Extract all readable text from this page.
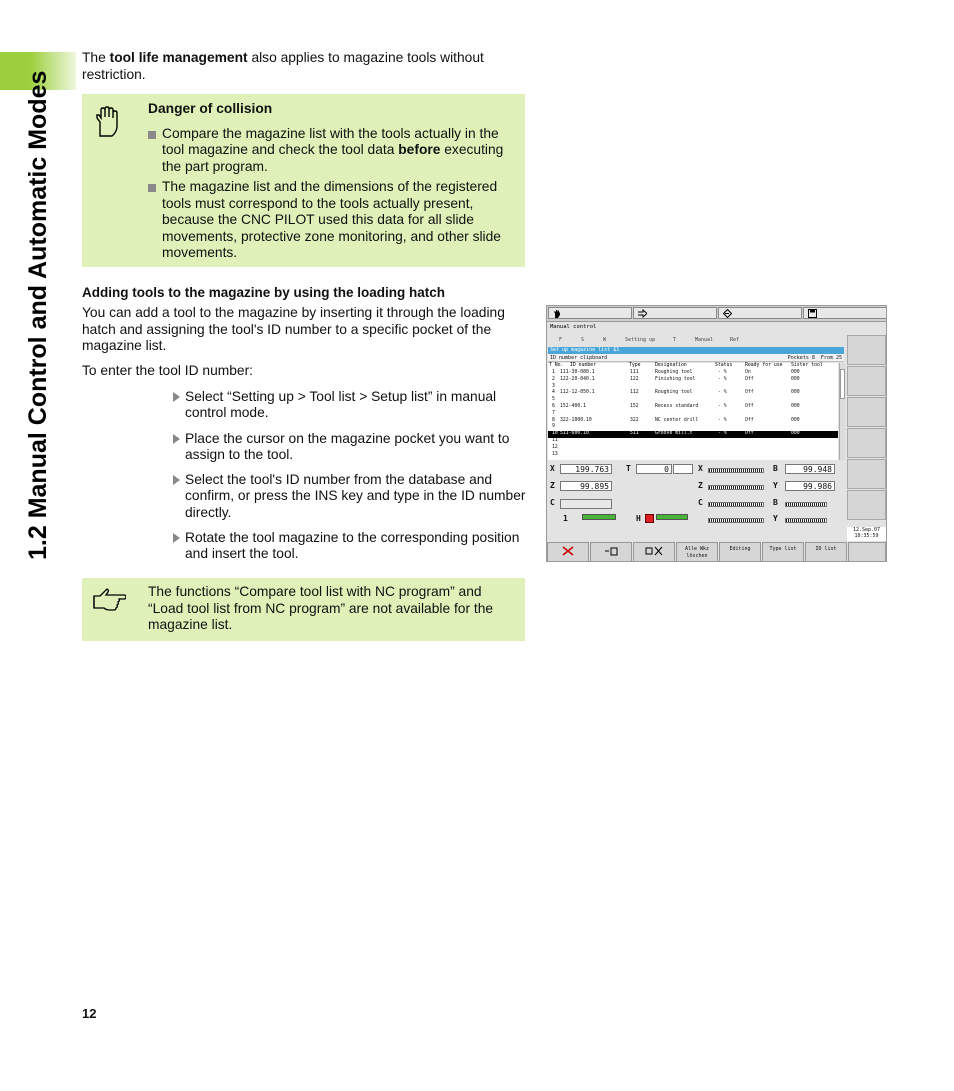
1.2 Manual Control and Automatic Modes
The tool life management also applies to magazine tools without restriction.
Danger of collision
Compare the magazine list with the tools actually in the tool magazine and check the tool data before executing the part program.
The magazine list and the dimensions of the registered tools must correspond to the tools actually present, because the CNC PILOT used this data for all slide movements, protective zone monitoring, and other slide movements.
Adding tools to the magazine by using the loading hatch
You can add a tool to the magazine by inserting it through the loading hatch and assigning the tool's ID number to a specific pocket of the magazine list.
To enter the tool ID number:
Select “Setting up > Tool list > Setup list” in manual control mode.
Place the cursor on the magazine pocket you want to assign to the tool.
Select the tool's ID number from the database and confirm, or press the INS key and type in the ID number directly.
Rotate the tool magazine to the corresponding position and insert the tool.
The functions “Compare tool list with NC program” and “Load tool list from NC program” are not available for the magazine list.
12
Manual control
F	S	W	Setting up	T	Manual	Ref
Set up magazine list $1
ID number clipboard	Pockets 8 From 25
T No. ID number	Type	Designation	Status	Ready for use Sister tool
1 111-30-080.1	111	Roughing tool	- %	On	000
2 122-20-040.1	122	Finishing tool	- %	Off	000
3
4 112-12-050.1	112	Roughing tool	- %	Off	000
5
6 152-400.1	152	Recess standard	- %	Off	000
7
8 322-1000.10	322	NC center drill	- %	Off	000
9
10 511-600.10	511	Groove mill.t	- %	Off	000
11
12
13
X	199.763
Z	99.895
C
T	0	X
Z
C
B	99.948
Y	99.986
B
Y
1	H
12.Sep.07
10:35:59
Alle Wkz löschen
Editing	Type list	ID list
